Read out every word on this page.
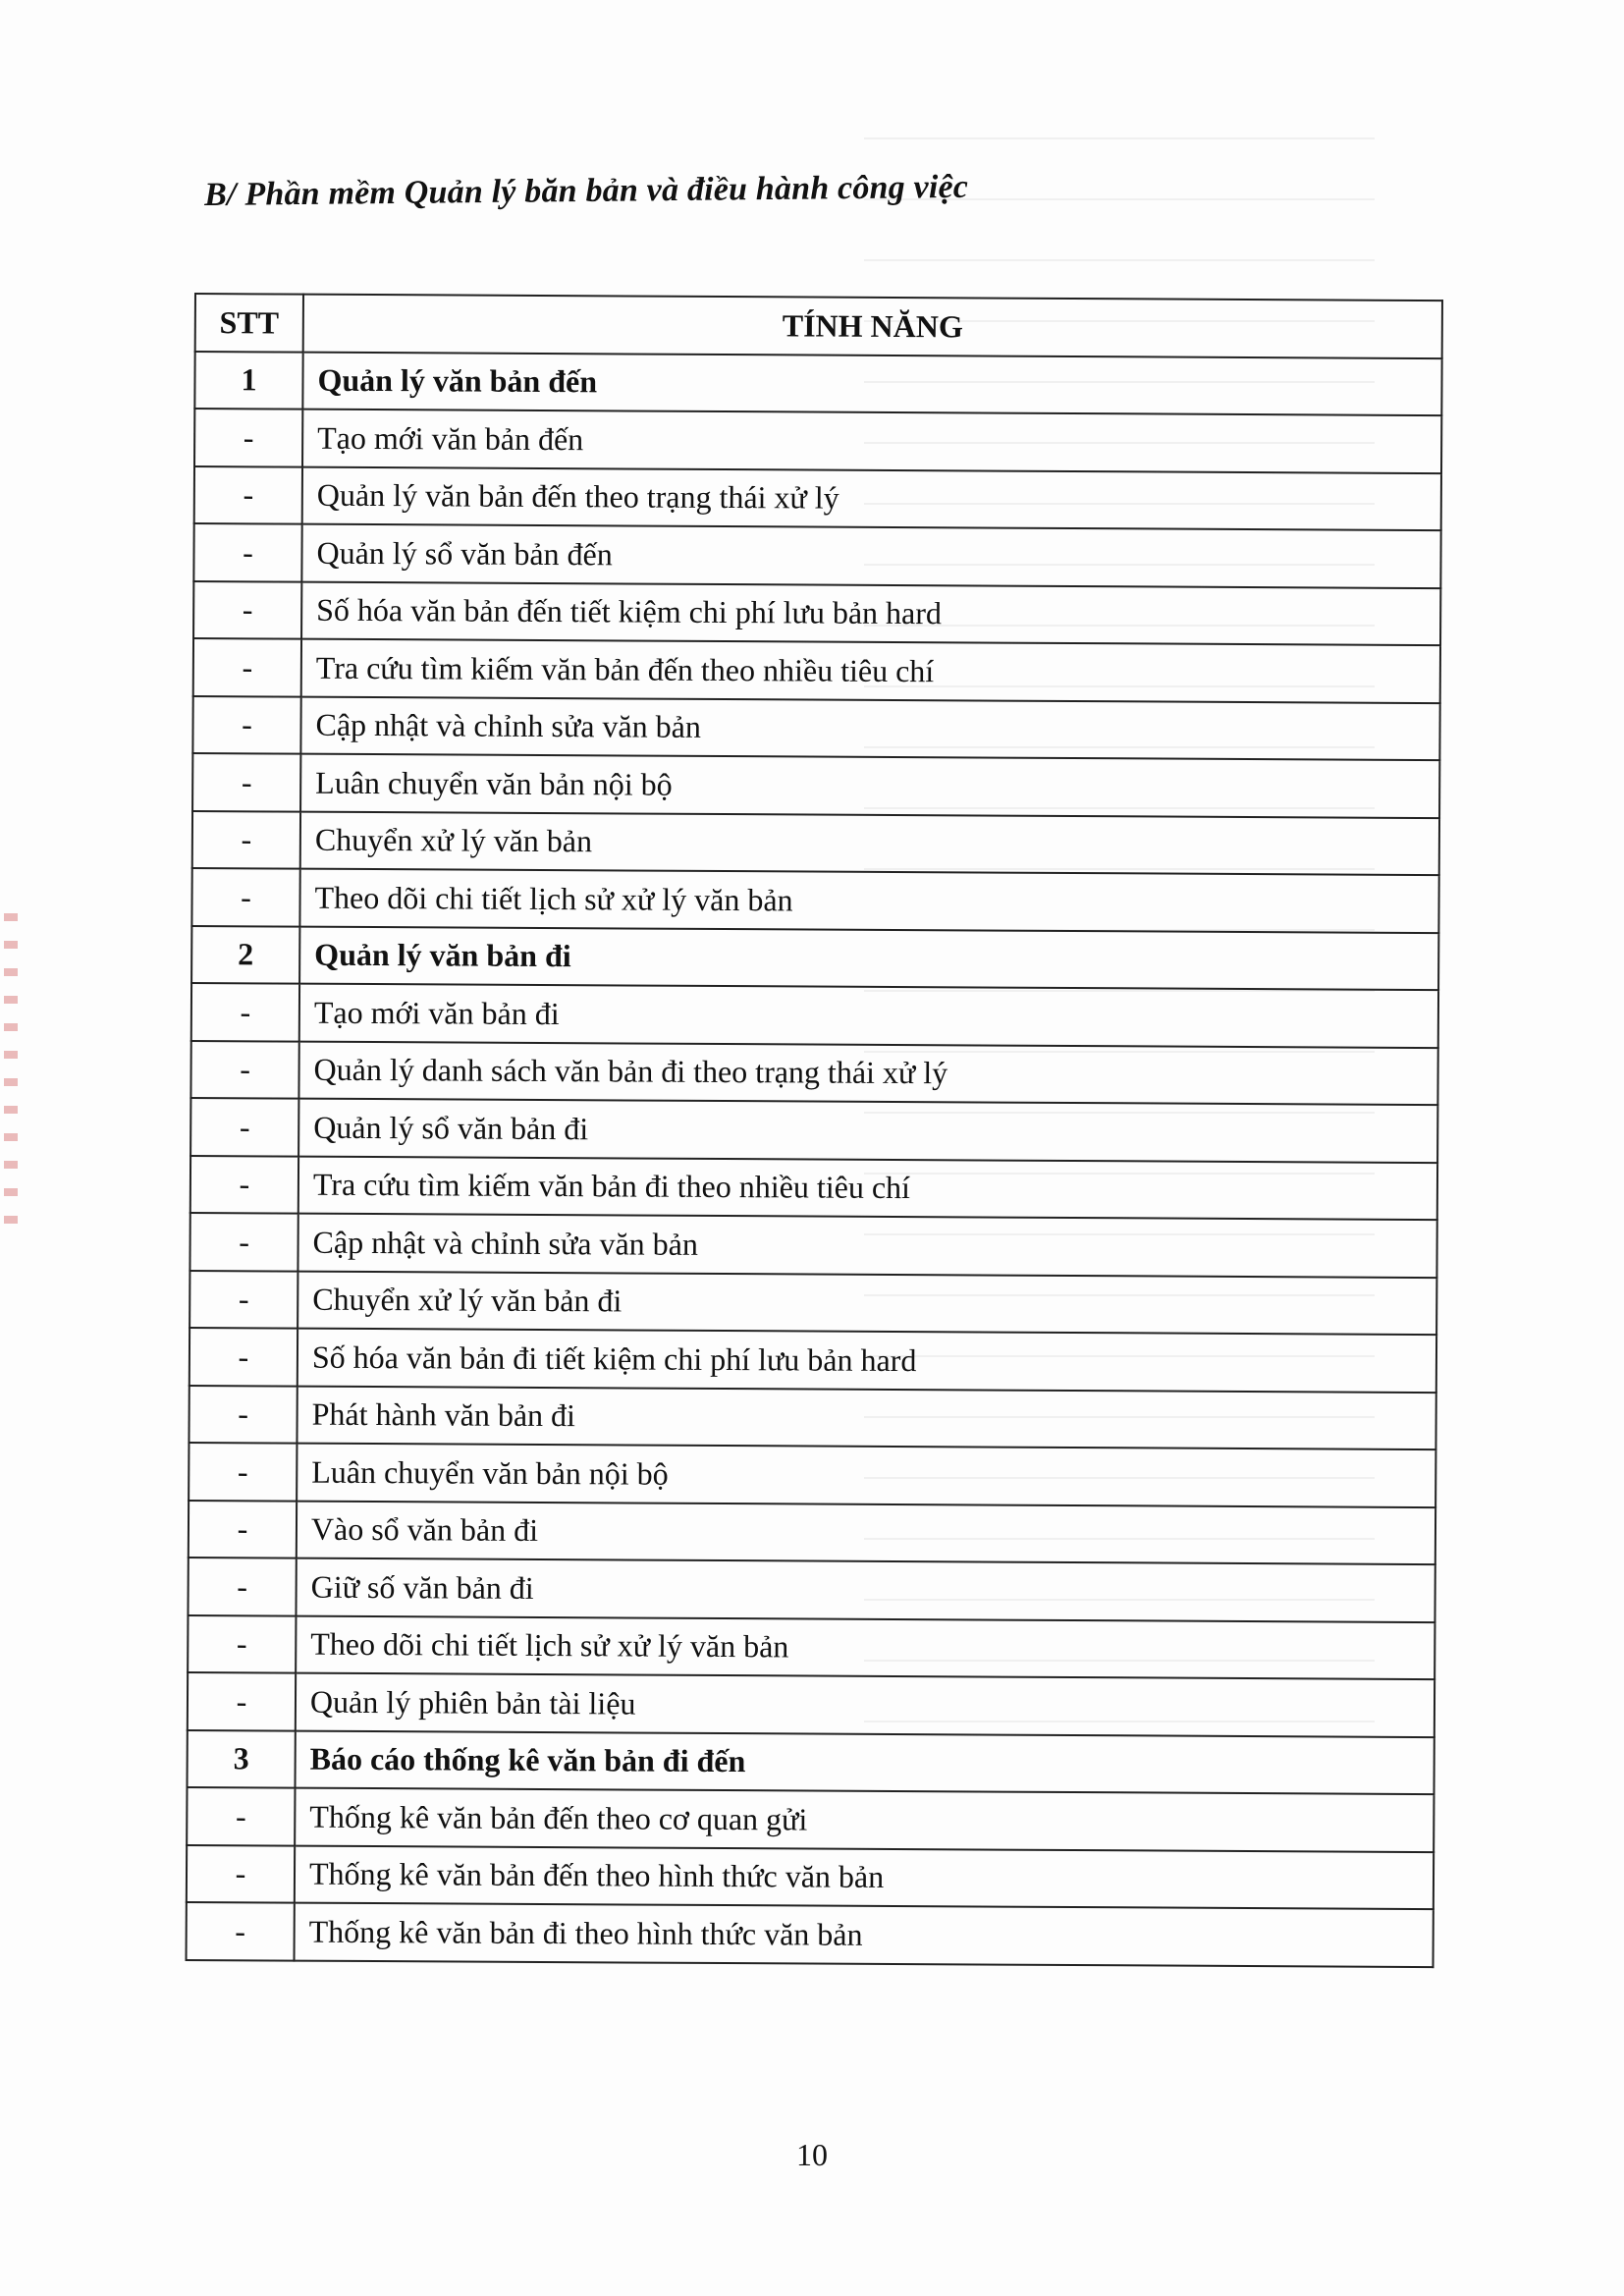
B/ Phần mềm Quản lý băn bản và điều hành công việc
STT	TÍNH NĂNG
1	Quản lý văn bản đến
-	Tạo mới văn bản đến
-	Quản lý văn bản đến theo trạng thái xử lý
-	Quản lý sổ văn bản đến
-	Số hóa văn bản đến tiết kiệm chi phí lưu bản hard
-	Tra cứu tìm kiếm văn bản đến theo nhiều tiêu chí
-	Cập nhật và chỉnh sửa văn bản
-	Luân chuyển văn bản nội bộ
-	Chuyển xử lý văn bản
-	Theo dõi chi tiết lịch sử xử lý văn bản
2	Quản lý văn bản đi
-	Tạo mới văn bản đi
-	Quản lý danh sách văn bản đi theo trạng thái xử lý
-	Quản lý sổ văn bản đi
-	Tra cứu tìm kiếm văn bản đi theo nhiều tiêu chí
-	Cập nhật và chỉnh sửa văn bản
-	Chuyển xử lý văn bản đi
-	Số hóa văn bản đi tiết kiệm chi phí lưu bản hard
-	Phát hành văn bản đi
-	Luân chuyển văn bản nội bộ
-	Vào sổ văn bản đi
-	Giữ số văn bản đi
-	Theo dõi chi tiết lịch sử xử lý văn bản
-	Quản lý phiên bản tài liệu
3	Báo cáo thống kê văn bản đi đến
-	Thống kê văn bản đến theo cơ quan gửi
-	Thống kê văn bản đến theo hình thức văn bản
-	Thống kê văn bản đi theo hình thức văn bản
10
